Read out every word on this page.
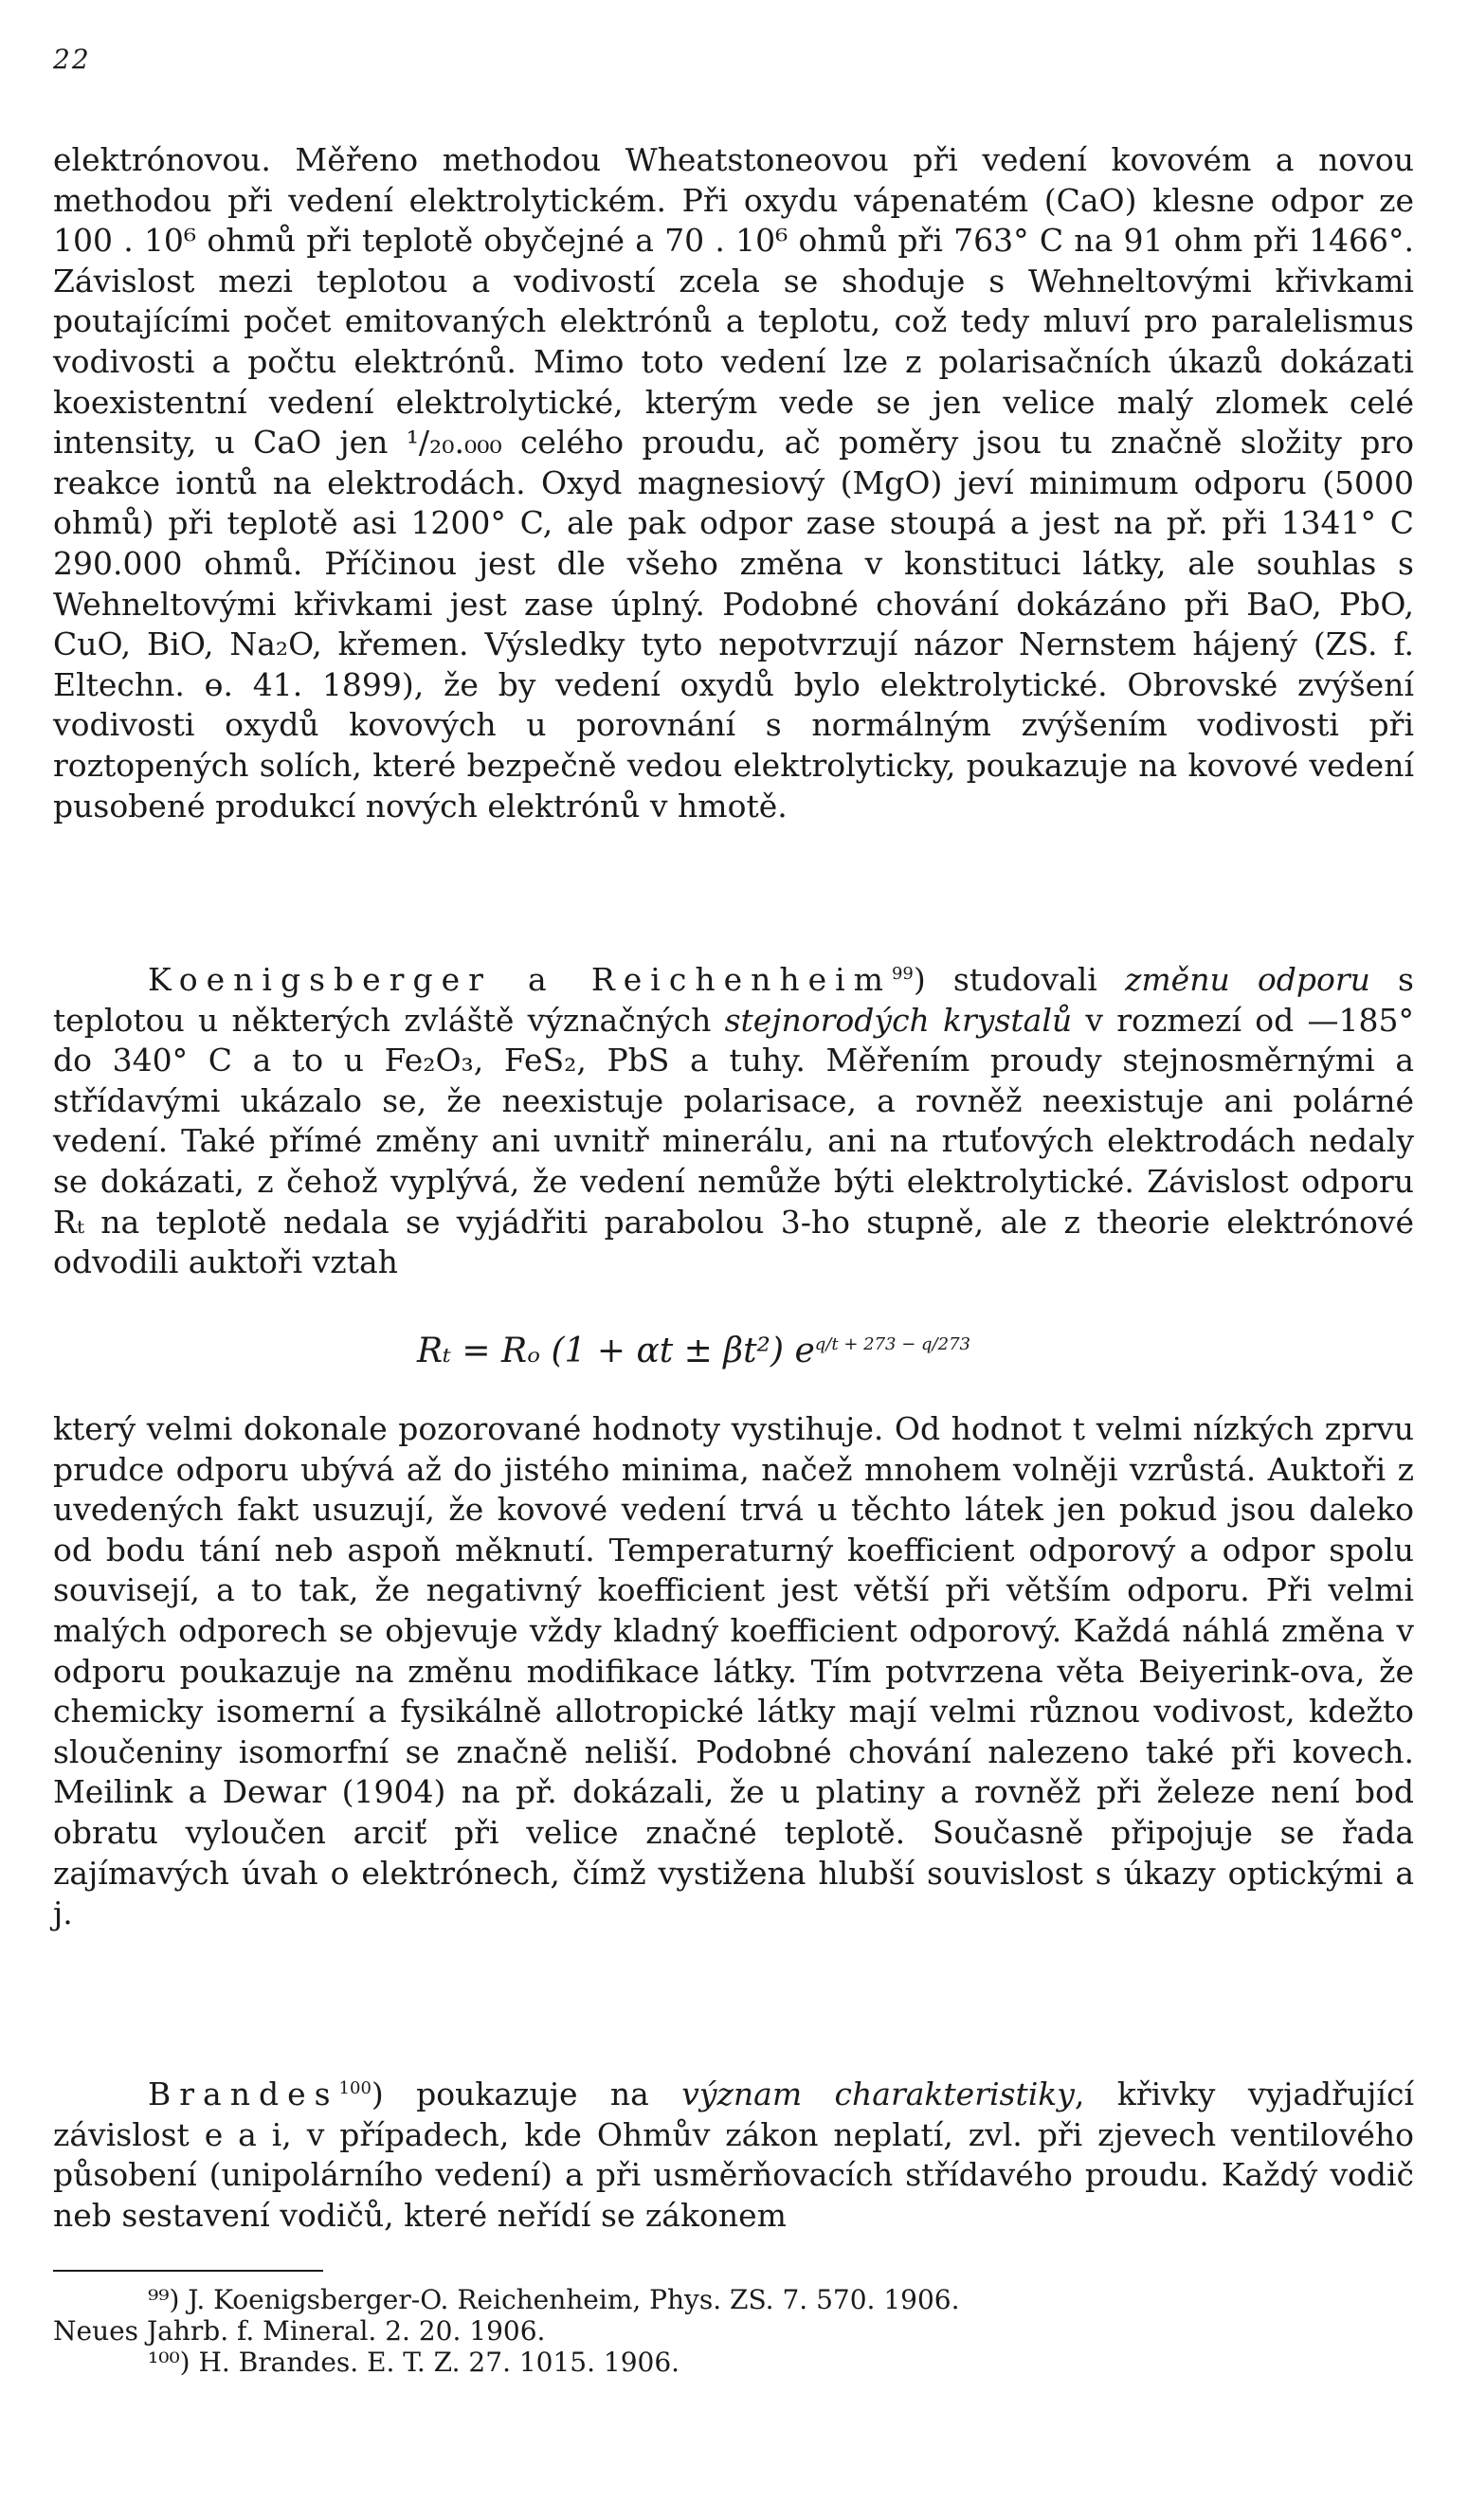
22
elektrónovou. Měřeno methodou Wheatstoneovou při vedení kovovém a novou methodou při vedení elektrolytickém. Při oxydu vápenatém (CaO) klesne odpor ze 100 . 10⁶ ohmů při teplotě obyčejné a 70 . 10⁶ ohmů při 763° C na 91 ohm při 1466°. Závislost mezi teplotou a vodivostí zcela se shoduje s Wehneltovými křivkami poutajícími počet emitovaných elektrónů a teplotu, což tedy mluví pro paralelismus vodivosti a počtu elektrónů. Mimo toto vedení lze z polarisačních úkazů dokázati koexistentní vedení elektrolytické, kterým vede se jen velice malý zlomek celé intensity, u CaO jen ¹/₂₀.₀₀₀ celého proudu, ač poměry jsou tu značně složity pro reakce iontů na elektrodách. Oxyd magnesiový (MgO) jeví minimum odporu (5000 ohmů) při teplotě asi 1200° C, ale pak odpor zase stoupá a jest na př. při 1341° C 290.000 ohmů. Příčinou jest dle všeho změna v konstituci látky, ale souhlas s Wehneltovými křivkami jest zase úplný. Podobné chování dokázáno při BaO, PbO, CuO, BiO, Na₂O, křemen. Výsledky tyto nepotvrzují názor Nernstem hájený (ZS. f. Eltechn. ɵ. 41. 1899), že by vedení oxydů bylo elektrolytické. Obrovské zvýšení vodivosti oxydů kovových u porovnání s normálným zvýšením vodivosti při roztopených solích, které bezpečně vedou elektrolyticky, poukazuje na kovové vedení pusobené produkcí nových elektrónů v hmotě.
Koenigsberger a Reichenheim$^{99}$) studovali změnu odporu s teplotou u některých zvláště význačných stejnorodých krystalů v rozmezí od —185° do 340° C a to u Fe₂O₃, FeS₂, PbS a tuhy. Měřením proudy stejnosměrnými a střídavými ukázalo se, že neexistuje polarisace, a rovněž neexistuje ani polárné vedení. Také přímé změny ani uvnitř minerálu, ani na rtuťových elektrodách nedaly se dokázati, z čehož vyplývá, že vedení nemůže býti elektrolytické. Závislost odporu Rₜ na teplotě nedala se vyjádřiti parabolou 3-ho stupně, ale z theorie elektrónové odvodili auktoři vztah
Rₜ = Rₒ (1 + αt ± βt²) $e^{q/t + 273 - q/273}$
který velmi dokonale pozorované hodnoty vystihuje. Od hodnot t velmi nízkých zprvu prudce odporu ubývá až do jistého minima, načež mnohem volněji vzrůstá. Auktoři z uvedených fakt usuzují, že kovové vedení trvá u těchto látek jen pokud jsou daleko od bodu tání neb aspoň měknutí. Temperaturný koefficient odporový a odpor spolu souvisejí, a to tak, že negativný koefficient jest větší při větším odporu. Při velmi malých odporech se objevuje vždy kladný koefficient odporový. Každá náhlá změna v odporu poukazuje na změnu modifikace látky. Tím potvrzena věta Beiyerink-ova, že chemicky isomerní a fysikálně allotropické látky mají velmi různou vodivost, kdežto sloučeniny isomorfní se značně neliší. Podobné chování nalezeno také při kovech. Meilink a Dewar (1904) na př. dokázali, že u platiny a rovněž při železe není bod obratu vyloučen arciť při velice značné teplotě. Současně připojuje se řada zajímavých úvah o elektrónech, čímž vystižena hlubší souvislost s úkazy optickými a j.
Brandes$^{100}$) poukazuje na význam charakteristiky, křivky vyjadřující závislost e a i, v případech, kde Ohmův zákon neplatí, zvl. při zjevech ventilového působení (unipolárního vedení) a při usměrňovacích střídavého proudu. Každý vodič neb sestavení vodičů, které neřídí se zákonem

⁹⁹) J. Koenigsberger-O. Reichenheim, Phys. ZS. 7. 570. 1906.

Neues Jahrb. f. Mineral. 2. 20. 1906.

¹⁰⁰) H. Brandes. E. T. Z. 27. 1015. 1906.
